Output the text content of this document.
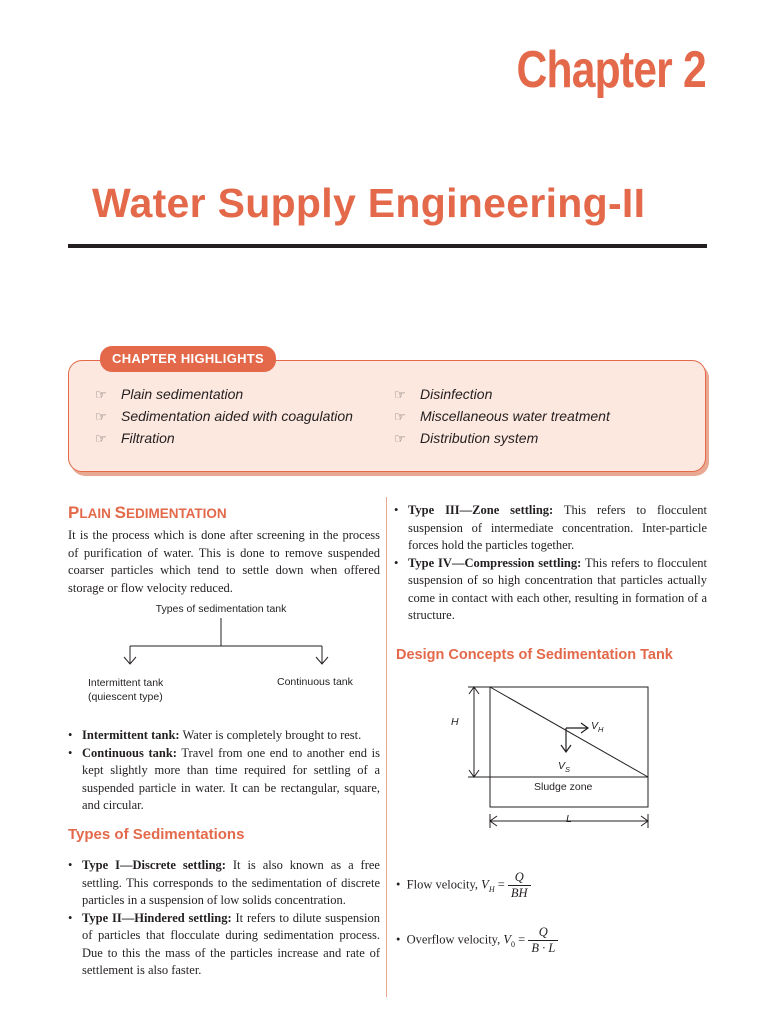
Chapter 2
Water Supply Engineering-II
CHAPTER HIGHLIGHTS
☞ Plain sedimentation
☞ Sedimentation aided with coagulation
☞ Filtration
☞ Disinfection
☞ Miscellaneous water treatment
☞ Distribution system
PLAIN SEDIMENTATION
It is the process which is done after screening in the process of purification of water. This is done to remove suspended coarser particles which tend to settle down when offered storage or flow velocity reduced.
Types of sedimentation tank
Intermittent tank
(quiescent type)
Continuous tank
• Intermittent tank: Water is completely brought to rest.
• Continuous tank: Travel from one end to another end is kept slightly more than time required for settling of a suspended particle in water. It can be rectangular, square, and circular.
Types of Sedimentations
• Type I—Discrete settling: It is also known as a free settling. This corresponds to the sedimentation of discrete particles in a suspension of low solids concentration.
• Type II—Hindered settling: It refers to dilute suspension of particles that flocculate during sedimentation process. Due to this the mass of the particles increase and rate of settlement is also faster.
• Type III—Zone settling: This refers to flocculent suspension of intermediate concentration. Inter-particle forces hold the particles together.
• Type IV—Compression settling: This refers to flocculent suspension of so high concentration that particles actually come in contact with each other, resulting in formation of a structure.
Design Concepts of Sedimentation Tank
H	$V_H$
$V_S$
Sludge zone
L
•  Flow velocity, $V_H = \frac{Q}{BH}$
•  Overflow velocity, $V_0 = \frac{Q}{B \cdot L}$
